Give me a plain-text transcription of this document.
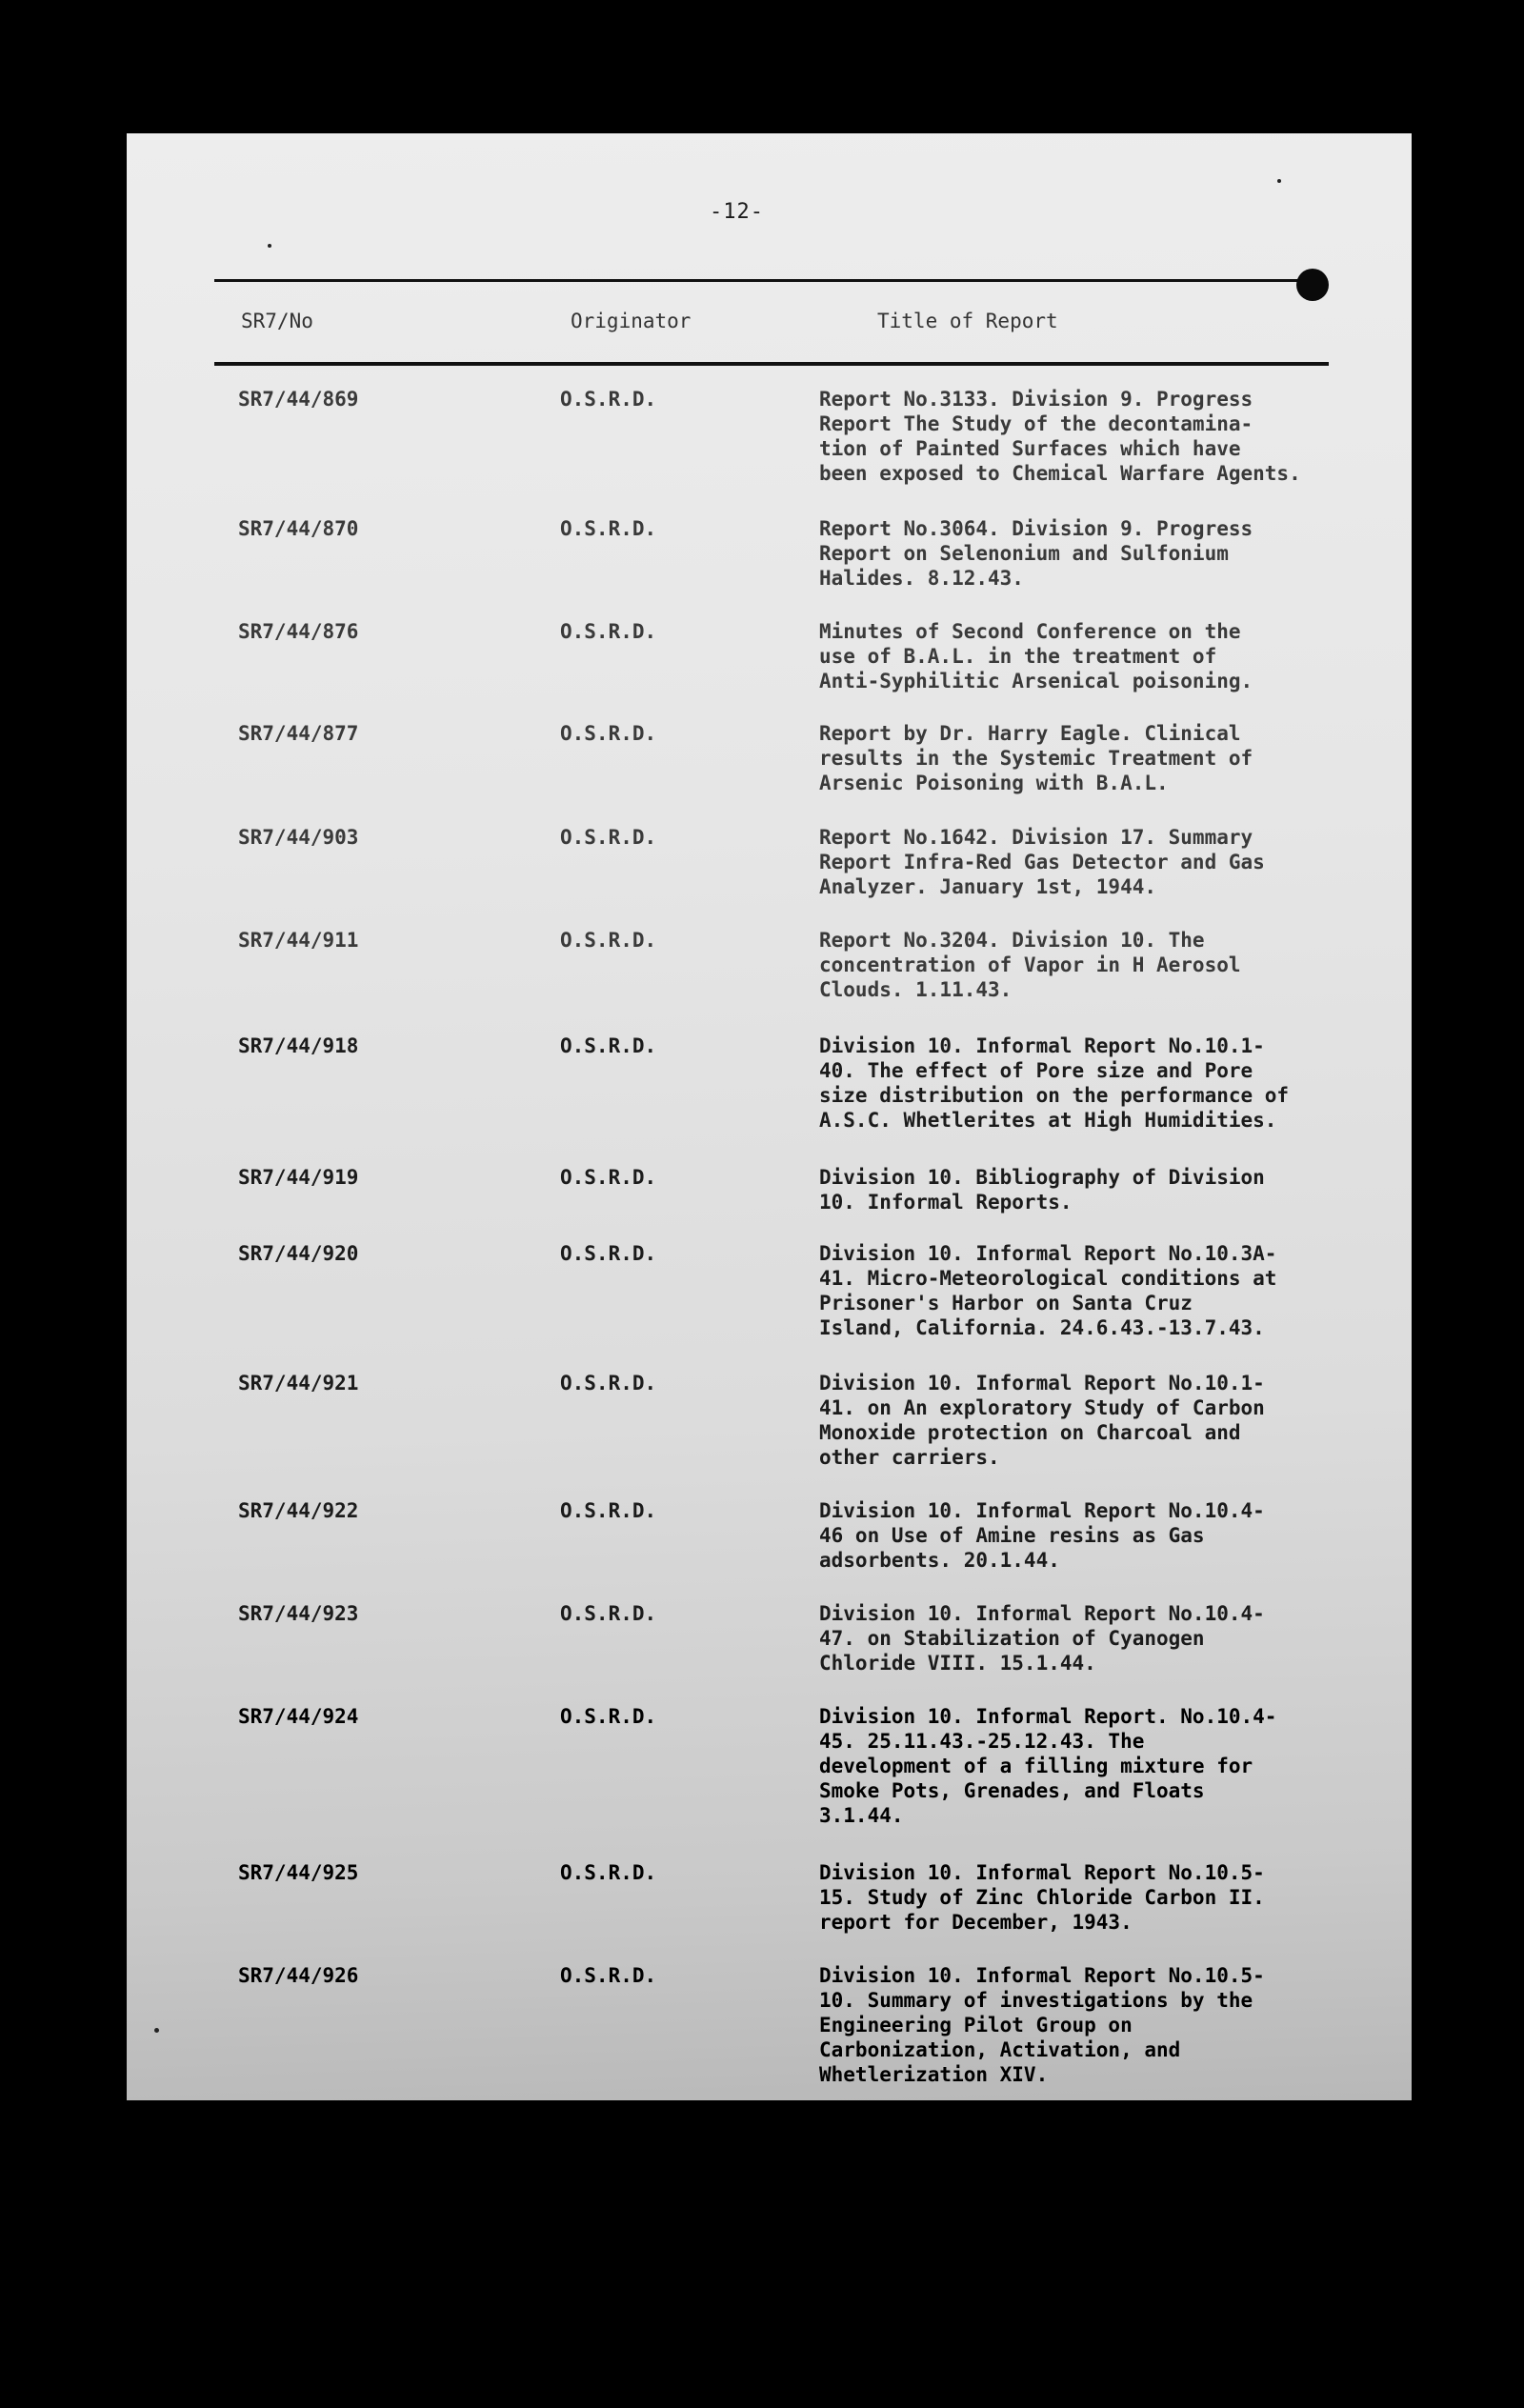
-12-
SR7/No	Originator	Title of Report
SR7/44/869	O.S.R.D.	Report No.3133. Division 9. Progress
Report The Study of the decontamina-
tion of Painted Surfaces which have
been exposed to Chemical Warfare Agents.
SR7/44/870	O.S.R.D.	Report No.3064. Division 9. Progress
Report on Selenonium and Sulfonium
Halides. 8.12.43.
SR7/44/876	O.S.R.D.	Minutes of Second Conference on the
use of B.A.L. in the treatment of
Anti-Syphilitic Arsenical poisoning.
SR7/44/877	O.S.R.D.	Report by Dr. Harry Eagle. Clinical
results in the Systemic Treatment of
Arsenic Poisoning with B.A.L.
SR7/44/903	O.S.R.D.	Report No.1642. Division 17. Summary
Report Infra-Red Gas Detector and Gas
Analyzer. January 1st, 1944.
SR7/44/911	O.S.R.D.	Report No.3204. Division 10. The
concentration of Vapor in H Aerosol
Clouds. 1.11.43.
SR7/44/918	O.S.R.D.	Division 10. Informal Report No.10.1-
40. The effect of Pore size and Pore
size distribution on the performance of
A.S.C. Whetlerites at High Humidities.
SR7/44/919	O.S.R.D.	Division 10. Bibliography of Division
10. Informal Reports.
SR7/44/920	O.S.R.D.	Division 10. Informal Report No.10.3A-
41. Micro-Meteorological conditions at
Prisoner's Harbor on Santa Cruz
Island, California. 24.6.43.-13.7.43.
SR7/44/921	O.S.R.D.	Division 10. Informal Report No.10.1-
41. on An exploratory Study of Carbon
Monoxide protection on Charcoal and
other carriers.
SR7/44/922	O.S.R.D.	Division 10. Informal Report No.10.4-
46 on Use of Amine resins as Gas
adsorbents. 20.1.44.
SR7/44/923	O.S.R.D.	Division 10. Informal Report No.10.4-
47. on Stabilization of Cyanogen
Chloride VIII. 15.1.44.
SR7/44/924	O.S.R.D.	Division 10. Informal Report. No.10.4-
45. 25.11.43.-25.12.43. The
development of a filling mixture for
Smoke Pots, Grenades, and Floats
3.1.44.
SR7/44/925	O.S.R.D.	Division 10. Informal Report No.10.5-
15. Study of Zinc Chloride Carbon II.
report for December, 1943.
SR7/44/926	O.S.R.D.	Division 10. Informal Report No.10.5-
10. Summary of investigations by the
Engineering Pilot Group on
Carbonization, Activation, and
Whetlerization XIV.
